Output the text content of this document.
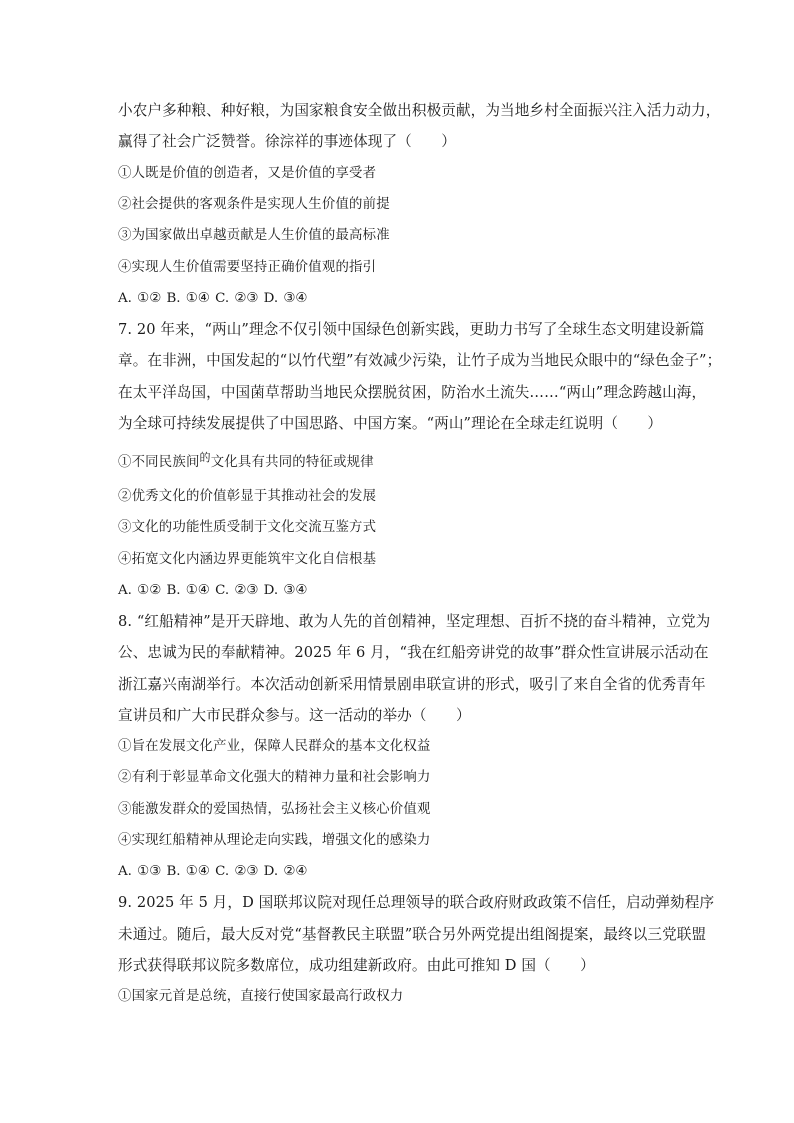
小农户多种粮、种好粮，为国家粮食安全做出积极贡献，为当地乡村全面振兴注入活力动力，
赢得了社会广泛赞誉。徐淙祥的事迹体现了（　　）
①人既是价值的创造者，又是价值的享受者
②社会提供的客观条件是实现人生价值的前提
③为国家做出卓越贡献是人生价值的最高标准
④实现人生价值需要坚持正确价值观的指引
A. ①② B. ①④ C. ②③ D. ③④
7. 20 年来，“两山”理念不仅引领中国绿色创新实践，更助力书写了全球生态文明建设新篇
章。在非洲，中国发起的“以竹代塑”有效减少污染，让竹子成为当地民众眼中的“绿色金子”；
在太平洋岛国，中国菌草帮助当地民众摆脱贫困，防治水土流失……“两山”理念跨越山海，
为全球可持续发展提供了中国思路、中国方案。“两山”理论在全球走红说明（　　）
①不同民族间$^的$文化具有共同的特征或规律
②优秀文化的价值彰显于其推动社会的发展
③文化的功能性质受制于文化交流互鉴方式
④拓宽文化内涵边界更能筑牢文化自信根基
A. ①② B. ①④ C. ②③ D. ③④
8. “红船精神”是开天辟地、敢为人先的首创精神，坚定理想、百折不挠的奋斗精神，立党为
公、忠诚为民的奉献精神。2025 年 6 月，“我在红船旁讲党的故事”群众性宣讲展示活动在
浙江嘉兴南湖举行。本次活动创新采用情景剧串联宣讲的形式，吸引了来自全省的优秀青年
宣讲员和广大市民群众参与。这一活动的举办（　　）
①旨在发展文化产业，保障人民群众的基本文化权益
②有利于彰显革命文化强大的精神力量和社会影响力
③能激发群众的爱国热情，弘扬社会主义核心价值观
④实现红船精神从理论走向实践，增强文化的感染力
A. ①③ B. ①④ C. ②③ D. ②④
9. 2025 年 5 月，D 国联邦议院对现任总理领导的联合政府财政政策不信任，启动弹劾程序
未通过。随后，最大反对党“基督教民主联盟”联合另外两党提出组阁提案，最终以三党联盟
形式获得联邦议院多数席位，成功组建新政府。由此可推知 D 国（　　）
①国家元首是总统，直接行使国家最高行政权力
